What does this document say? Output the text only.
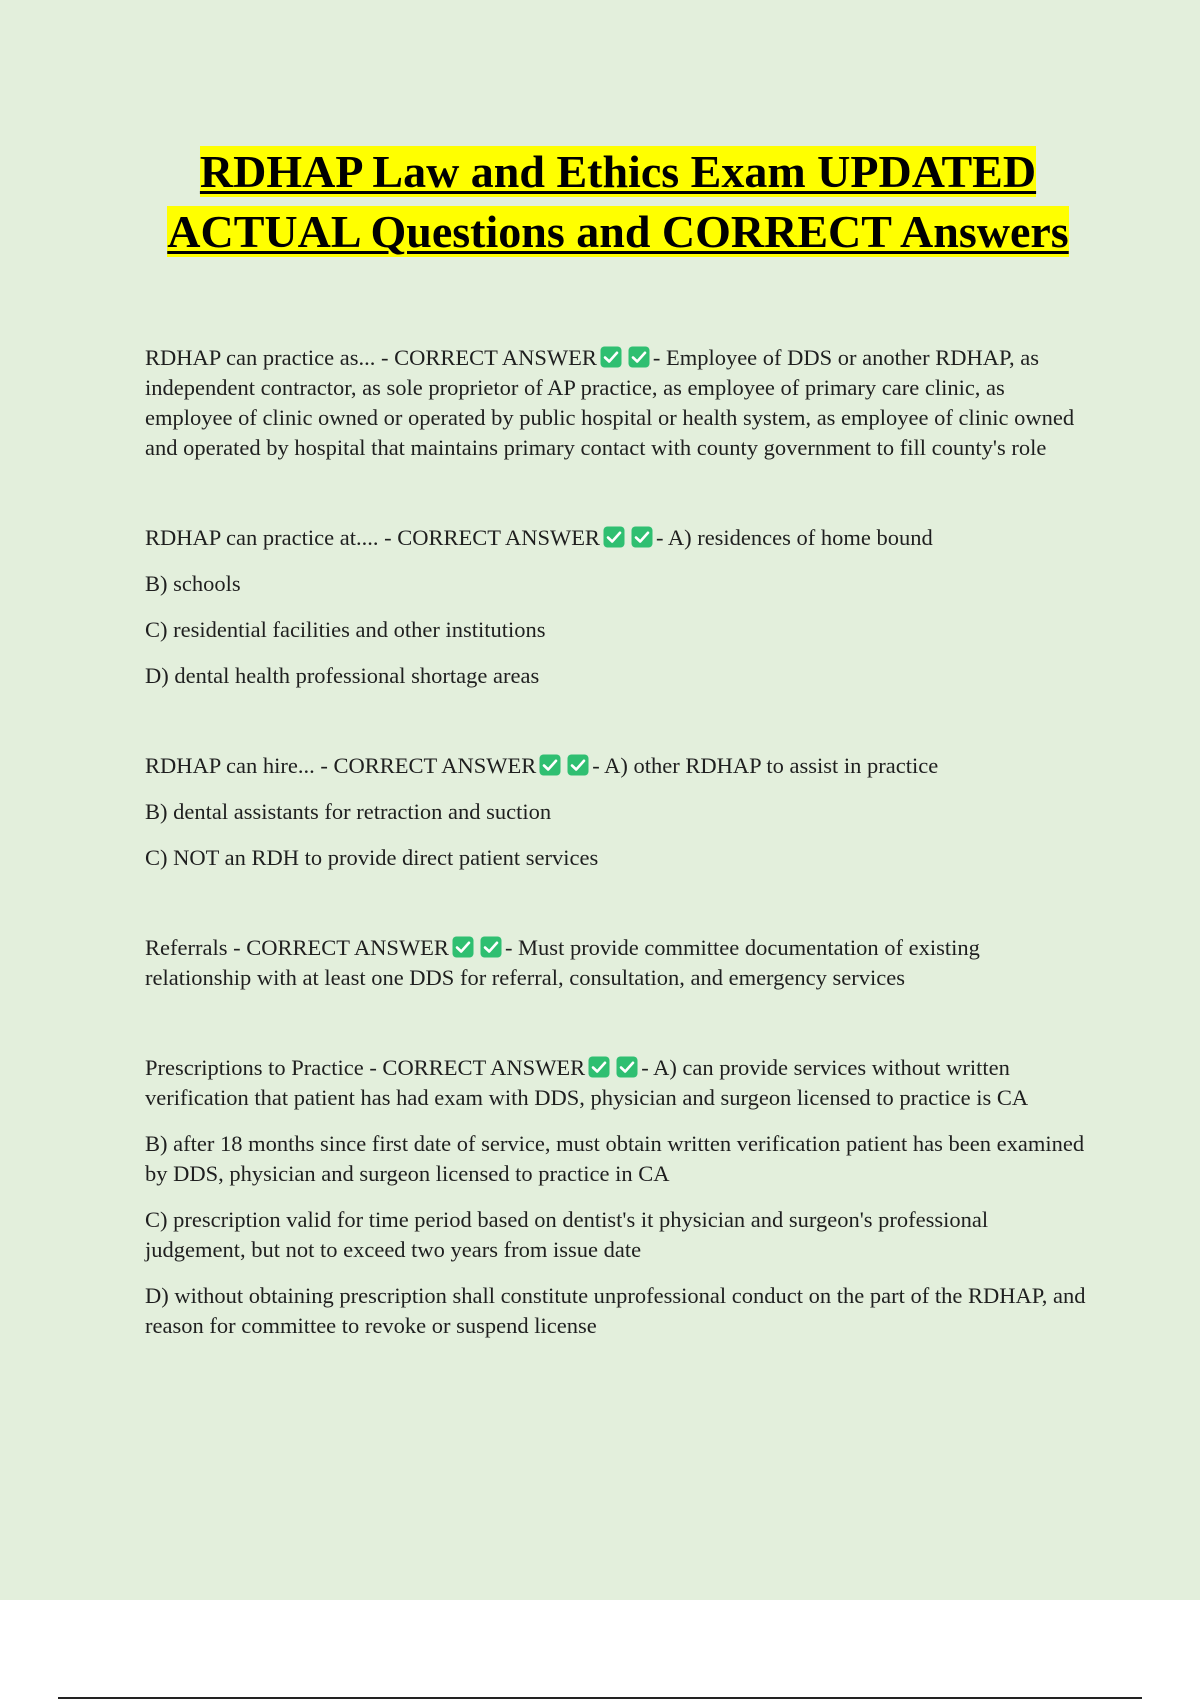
RDHAP Law and Ethics Exam UPDATED ACTUAL Questions and CORRECT Answers

RDHAP can practice as... - CORRECT ANSWER - Employee of DDS or another RDHAP, as independent contractor, as sole proprietor of AP practice, as employee of primary care clinic, as employee of clinic owned or operated by public hospital or health system, as employee of clinic owned and operated by hospital that maintains primary contact with county government to fill county's role

RDHAP can practice at.... - CORRECT ANSWER - A) residences of home bound

B) schools

C) residential facilities and other institutions

D) dental health professional shortage areas

RDHAP can hire... - CORRECT ANSWER - A) other RDHAP to assist in practice

B) dental assistants for retraction and suction

C) NOT an RDH to provide direct patient services

Referrals - CORRECT ANSWER - Must provide committee documentation of existing relationship with at least one DDS for referral, consultation, and emergency services

Prescriptions to Practice - CORRECT ANSWER - A) can provide services without written verification that patient has had exam with DDS, physician and surgeon licensed to practice is CA

B) after 18 months since first date of service, must obtain written verification patient has been examined by DDS, physician and surgeon licensed to practice in CA

C) prescription valid for time period based on dentist's it physician and surgeon's professional judgement, but not to exceed two years from issue date

D) without obtaining prescription shall constitute unprofessional conduct on the part of the RDHAP, and reason for committee to revoke or suspend license
